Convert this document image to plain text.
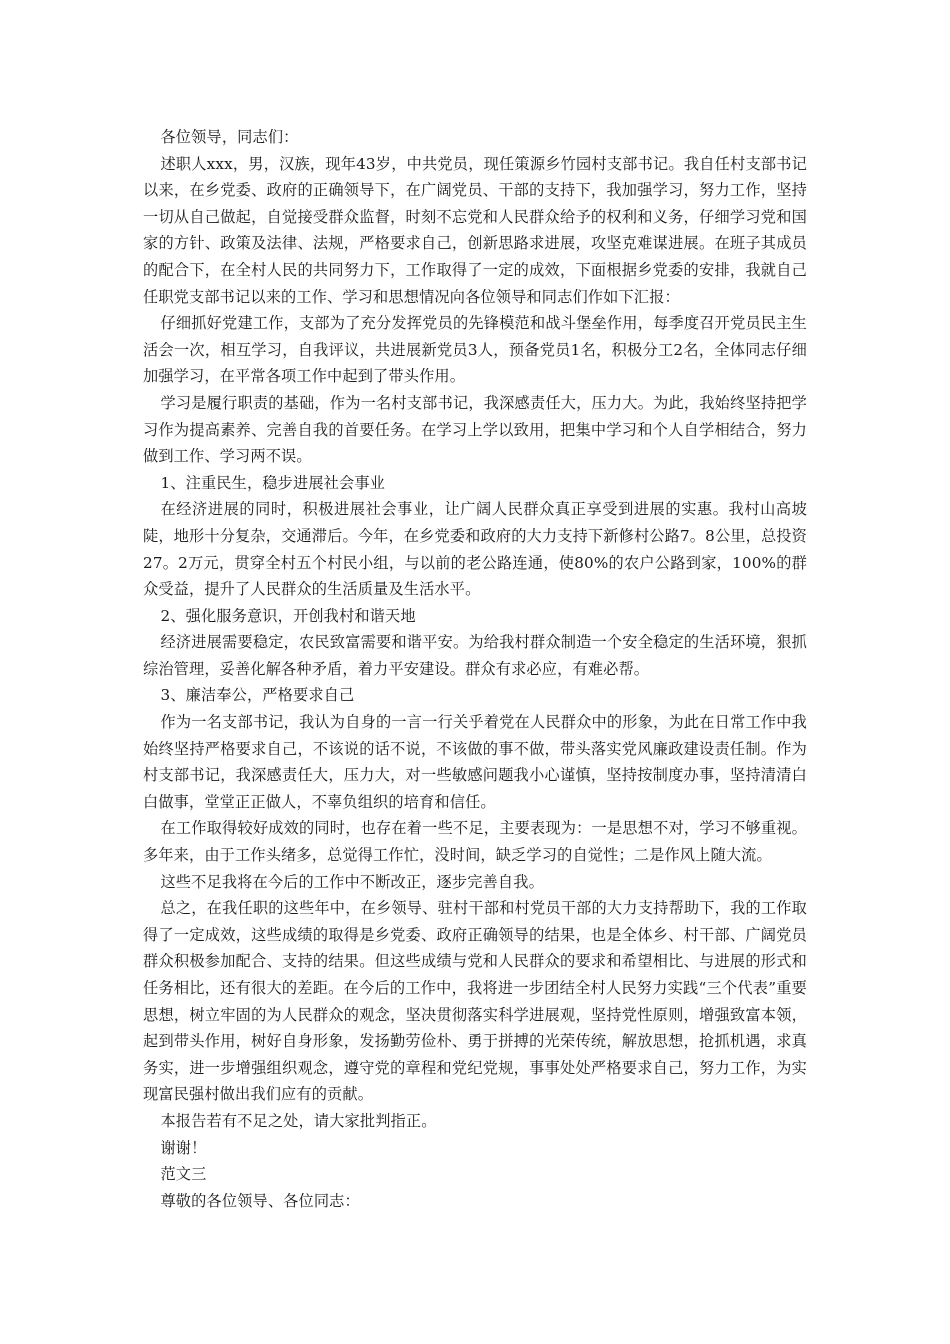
各位领导，同志们：

述职人xxx，男，汉族，现年43岁，中共党员，现任策源乡竹园村支部书记。我自任村支部书记以来，在乡党委、政府的正确领导下，在广阔党员、干部的支持下，我加强学习，努力工作，坚持一切从自己做起，自觉接受群众监督，时刻不忘党和人民群众给予的权利和义务，仔细学习党和国家的方针、政策及法律、法规，严格要求自己，创新思路求进展，攻坚克难谋进展。在班子其成员的配合下，在全村人民的共同努力下，工作取得了一定的成效，下面根据乡党委的安排，我就自己任职党支部书记以来的工作、学习和思想情况向各位领导和同志们作如下汇报：

仔细抓好党建工作，支部为了充分发挥党员的先锋模范和战斗堡垒作用，每季度召开党员民主生活会一次，相互学习，自我评议，共进展新党员3人，预备党员1名，积极分工2名，全体同志仔细加强学习，在平常各项工作中起到了带头作用。

学习是履行职责的基础，作为一名村支部书记，我深感责任大，压力大。为此，我始终坚持把学习作为提高素养、完善自我的首要任务。在学习上学以致用，把集中学习和个人自学相结合，努力做到工作、学习两不误。

1、注重民生，稳步进展社会事业

在经济进展的同时，积极进展社会事业，让广阔人民群众真正享受到进展的实惠。我村山高坡陡，地形十分复杂，交通滞后。今年，在乡党委和政府的大力支持下新修村公路7。8公里，总投资27。2万元，贯穿全村五个村民小组，与以前的老公路连通，使80%的农户公路到家，100%的群众受益，提升了人民群众的生活质量及生活水平。

2、强化服务意识，开创我村和谐天地

经济进展需要稳定，农民致富需要和谐平安。为给我村群众制造一个安全稳定的生活环境，狠抓综治管理，妥善化解各种矛盾，着力平安建设。群众有求必应，有难必帮。

3、廉洁奉公，严格要求自己

作为一名支部书记，我认为自身的一言一行关乎着党在人民群众中的形象，为此在日常工作中我始终坚持严格要求自己，不该说的话不说，不该做的事不做，带头落实党风廉政建设责任制。作为村支部书记，我深感责任大，压力大，对一些敏感问题我小心谨慎，坚持按制度办事，坚持清清白白做事，堂堂正正做人，不辜负组织的培育和信任。

在工作取得较好成效的同时，也存在着一些不足，主要表现为：一是思想不对，学习不够重视。多年来，由于工作头绪多，总觉得工作忙，没时间，缺乏学习的自觉性；二是作风上随大流。

这些不足我将在今后的工作中不断改正，逐步完善自我。

总之，在我任职的这些年中，在乡领导、驻村干部和村党员干部的大力支持帮助下，我的工作取得了一定成效，这些成绩的取得是乡党委、政府正确领导的结果，也是全体乡、村干部、广阔党员群众积极参加配合、支持的结果。但这些成绩与党和人民群众的要求和希望相比、与进展的形式和任务相比，还有很大的差距。在今后的工作中，我将进一步团结全村人民努力实践“三个代表”重要思想，树立牢固的为人民群众的观念，坚决贯彻落实科学进展观，坚持党性原则，增强致富本领，起到带头作用，树好自身形象，发扬勤劳俭朴、勇于拼搏的光荣传统，解放思想，抢抓机遇，求真务实，进一步增强组织观念，遵守党的章程和党纪党规，事事处处严格要求自己，努力工作，为实现富民强村做出我们应有的贡献。

本报告若有不足之处，请大家批判指正。

谢谢！

范文三

尊敬的各位领导、各位同志：
